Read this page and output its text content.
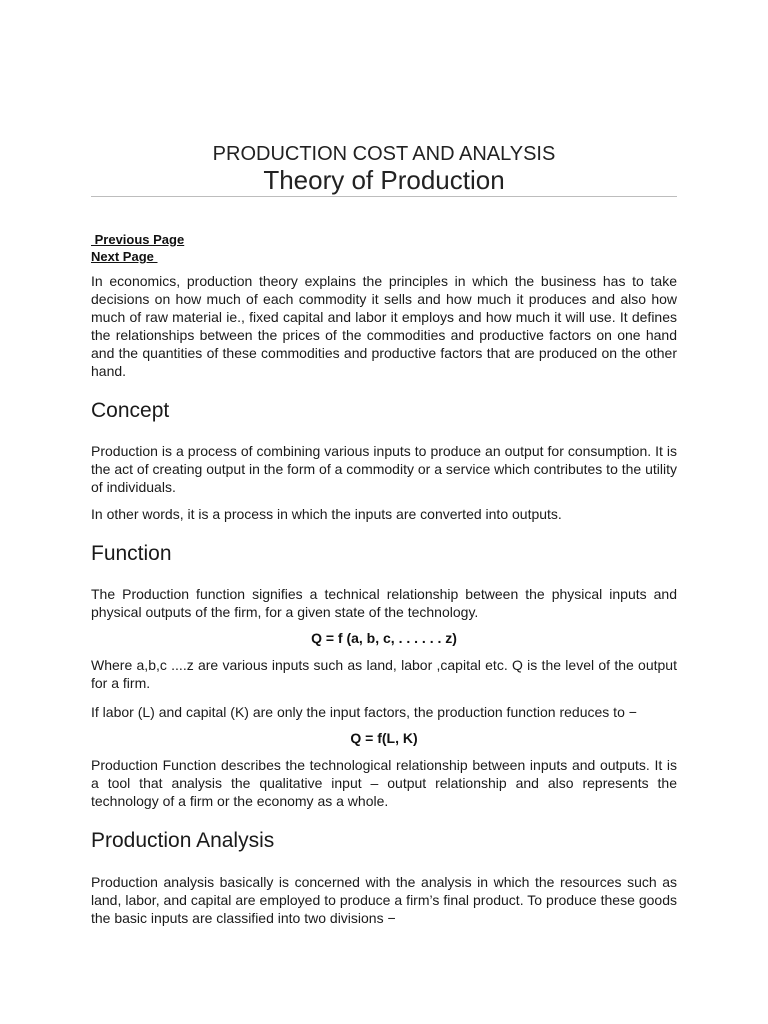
PRODUCTION COST AND ANALYSIS
Theory of Production
Previous Page
Next Page

In economics, production theory explains the principles in which the business has to take decisions on how much of each commodity it sells and how much it produces and also how much of raw material ie., fixed capital and labor it employs and how much it will use. It defines the relationships between the prices of the commodities and productive factors on one hand and the quantities of these commodities and productive factors that are produced on the other hand.

Concept

Production is a process of combining various inputs to produce an output for consumption. It is the act of creating output in the form of a commodity or a service which contributes to the utility of individuals.

In other words, it is a process in which the inputs are converted into outputs.

Function

The Production function signifies a technical relationship between the physical inputs and physical outputs of the firm, for a given state of the technology.

Q = f (a, b, c, . . . . . . z)

Where a,b,c ....z are various inputs such as land, labor ,capital etc. Q is the level of the output for a firm.

If labor (L) and capital (K) are only the input factors, the production function reduces to −

Q = f(L, K)

Production Function describes the technological relationship between inputs and outputs. It is a tool that analysis the qualitative input – output relationship and also represents the technology of a firm or the economy as a whole.

Production Analysis

Production analysis basically is concerned with the analysis in which the resources such as land, labor, and capital are employed to produce a firm’s final product. To produce these goods the basic inputs are classified into two divisions −
